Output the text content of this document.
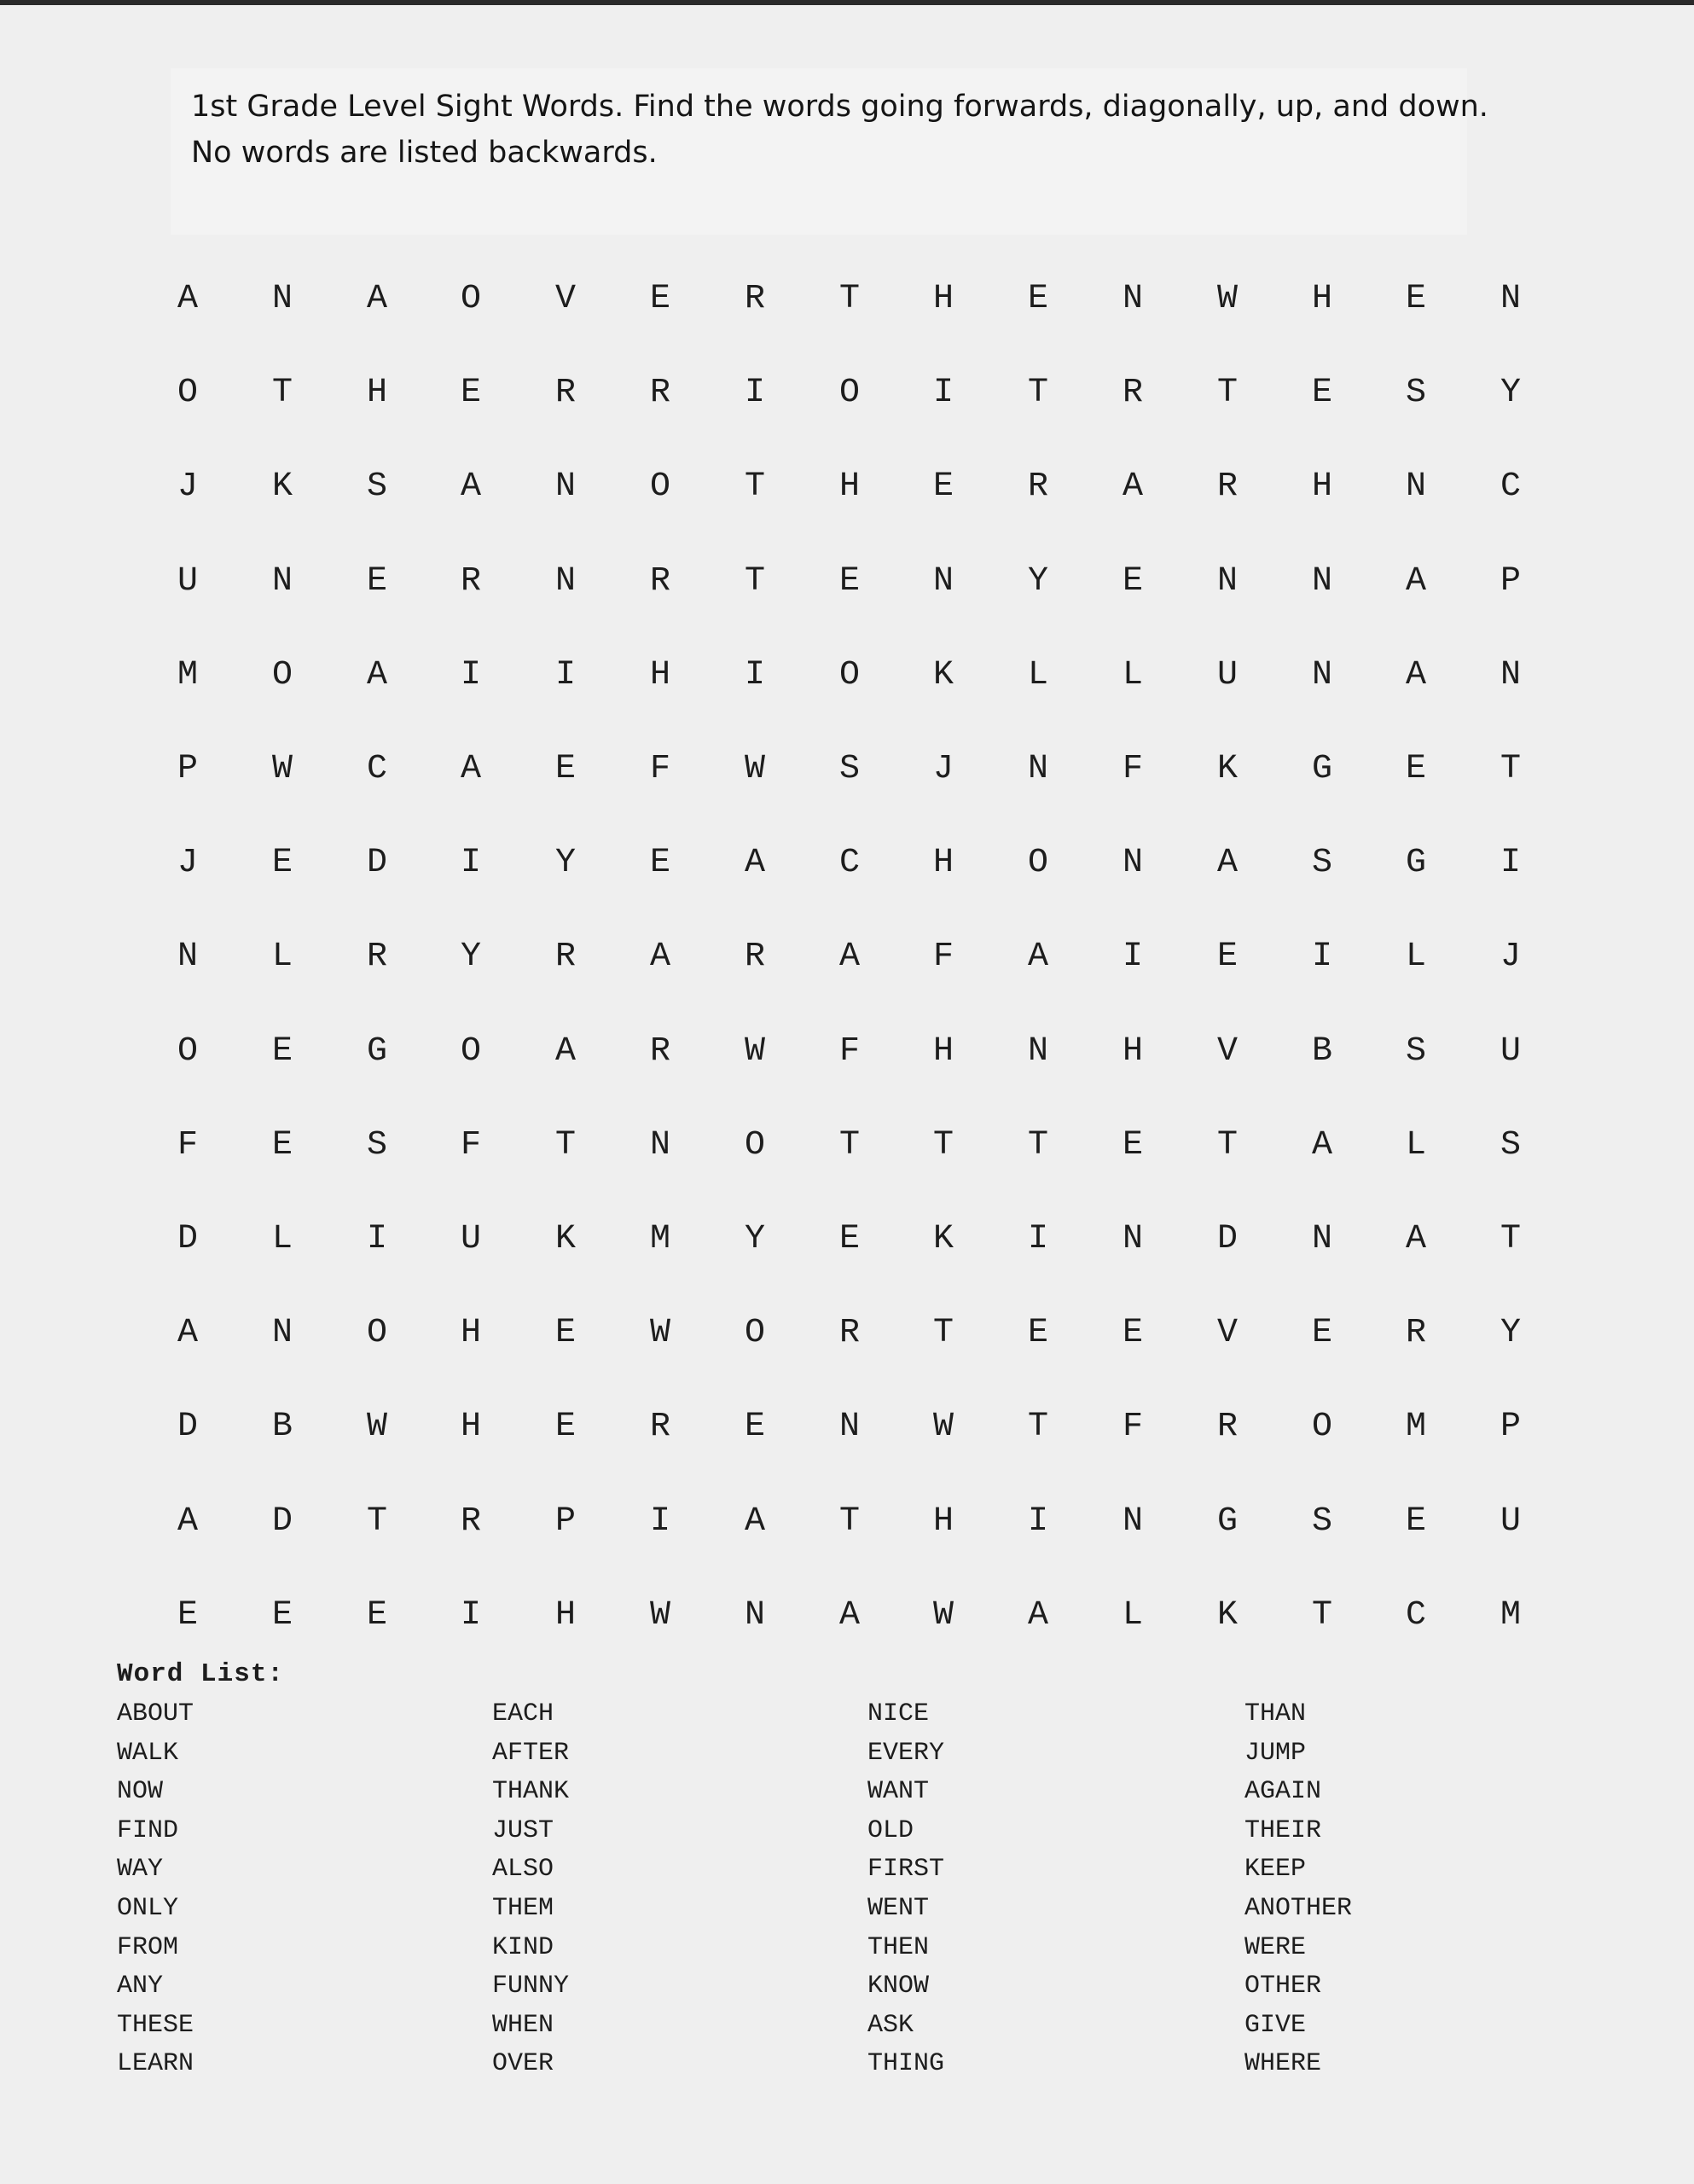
1st Grade Level Sight Words. Find the words going forwards, diagonally, up, and down.
No words are listed backwards.
A	N	A	O	V	E	R	T	H	E	N	W	H	E	N
O	T	H	E	R	R	I	O	I	T	R	T	E	S	Y
J	K	S	A	N	O	T	H	E	R	A	R	H	N	C
U	N	E	R	N	R	T	E	N	Y	E	N	N	A	P
M	O	A	I	I	H	I	O	K	L	L	U	N	A	N
P	W	C	A	E	F	W	S	J	N	F	K	G	E	T
J	E	D	I	Y	E	A	C	H	O	N	A	S	G	I
N	L	R	Y	R	A	R	A	F	A	I	E	I	L	J
O	E	G	O	A	R	W	F	H	N	H	V	B	S	U
F	E	S	F	T	N	O	T	T	T	E	T	A	L	S
D	L	I	U	K	M	Y	E	K	I	N	D	N	A	T
A	N	O	H	E	W	O	R	T	E	E	V	E	R	Y
D	B	W	H	E	R	E	N	W	T	F	R	O	M	P
A	D	T	R	P	I	A	T	H	I	N	G	S	E	U
E	E	E	I	H	W	N	A	W	A	L	K	T	C	M
Word List:
ABOUT
WALK
NOW
FIND
WAY
ONLY
FROM
ANY
THESE
LEARN
EACH
AFTER
THANK
JUST
ALSO
THEM
KIND
FUNNY
WHEN
OVER
NICE
EVERY
WANT
OLD
FIRST
WENT
THEN
KNOW
ASK
THING
THAN
JUMP
AGAIN
THEIR
KEEP
ANOTHER
WERE
OTHER
GIVE
WHERE
